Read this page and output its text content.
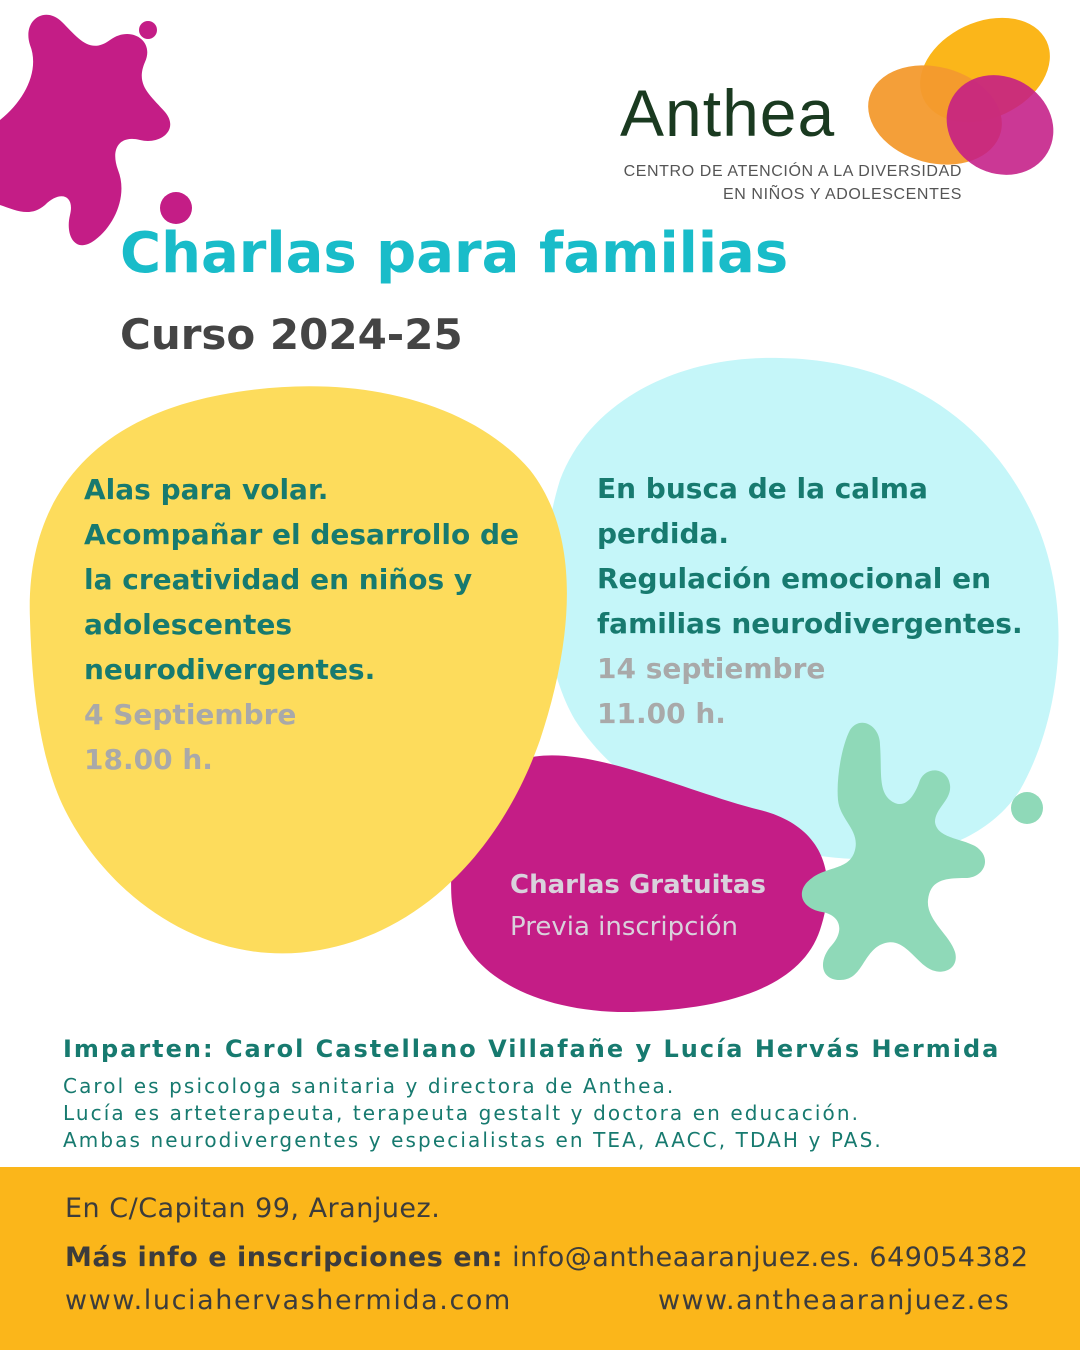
Anthea
CENTRO DE ATENCIÓN A LA DIVERSIDAD
EN NIÑOS Y ADOLESCENTES
Charlas para familias
Curso 2024-25
Alas para volar.
Acompañar el desarrollo de
la creatividad en niños y
adolescentes
neurodivergentes.
4 Septiembre
18.00 h.
En busca de la calma
perdida.
Regulación emocional en
familias neurodivergentes.
14 septiembre
11.00 h.
Charlas Gratuitas
Previa inscripción
Imparten: Carol Castellano Villafañe y Lucía Hervás Hermida
Carol es psicologa sanitaria y directora de Anthea.
Lucía es arteterapeuta, terapeuta gestalt y doctora en educación.
Ambas neurodivergentes y especialistas en TEA, AACC, TDAH y PAS.
En C/Capitan 99, Aranjuez.
Más info e inscripciones en: info@antheaaranjuez.es. 649054382
www.luciahervashermida.com	www.antheaaranjuez.es
